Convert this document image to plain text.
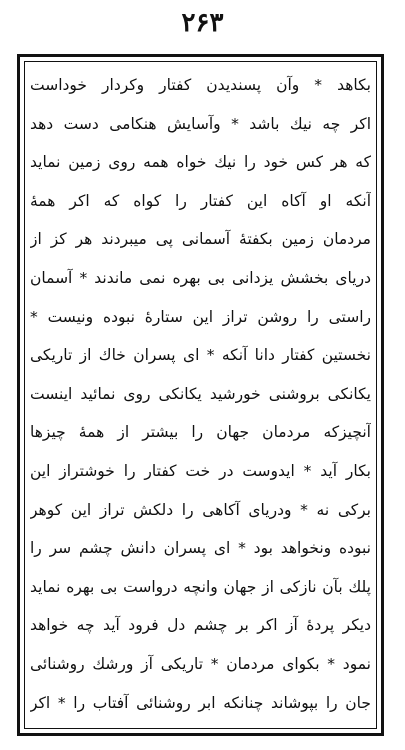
۲۶۳
بکاهد * وآن پسندیدن کفتار وکردار خوداست
اکر چه نیك باشد * وآسایش هنکامی دست دهد
که هر کس خود را نیك خواه همه روی زمین نماید
آنکه او آکاه این کفتار را کواه که اکر همهٔ
مردمان زمین بکفتهٔ آسمانی پی میبردند هر کز از
دریای بخشش یزدانی بی بهره نمی ماندند * آسمان
راستی را روشن تراز این ستارهٔ نبوده ونیست *
نخستین کفتار دانا آنکه * ای پسران خاك از تاریکی
یکانکی بروشنی خورشید یکانکی روی نمائید اینست
آنچیزکه مردمان جهان را بیشتر از همهٔ چیزها
بکار آید * ایدوست در خت کفتار را خوشتراز این
برکی نه * ودریای آکاهی را دلکش تراز این کوهر
نبوده ونخواهد بود * ای پسران دانش چشم سر را
پلك بآن نازکی از جهان وانچه درواست بی بهره نماید
دیکر پردهٔ آز اکر بر چشم دل فرود آید چه خواهد
نمود * بکوای مردمان * تاریکی آز ورشك روشنائی
جان را بپوشاند چنانکه ابر روشنائی آفتاب را * اکر
